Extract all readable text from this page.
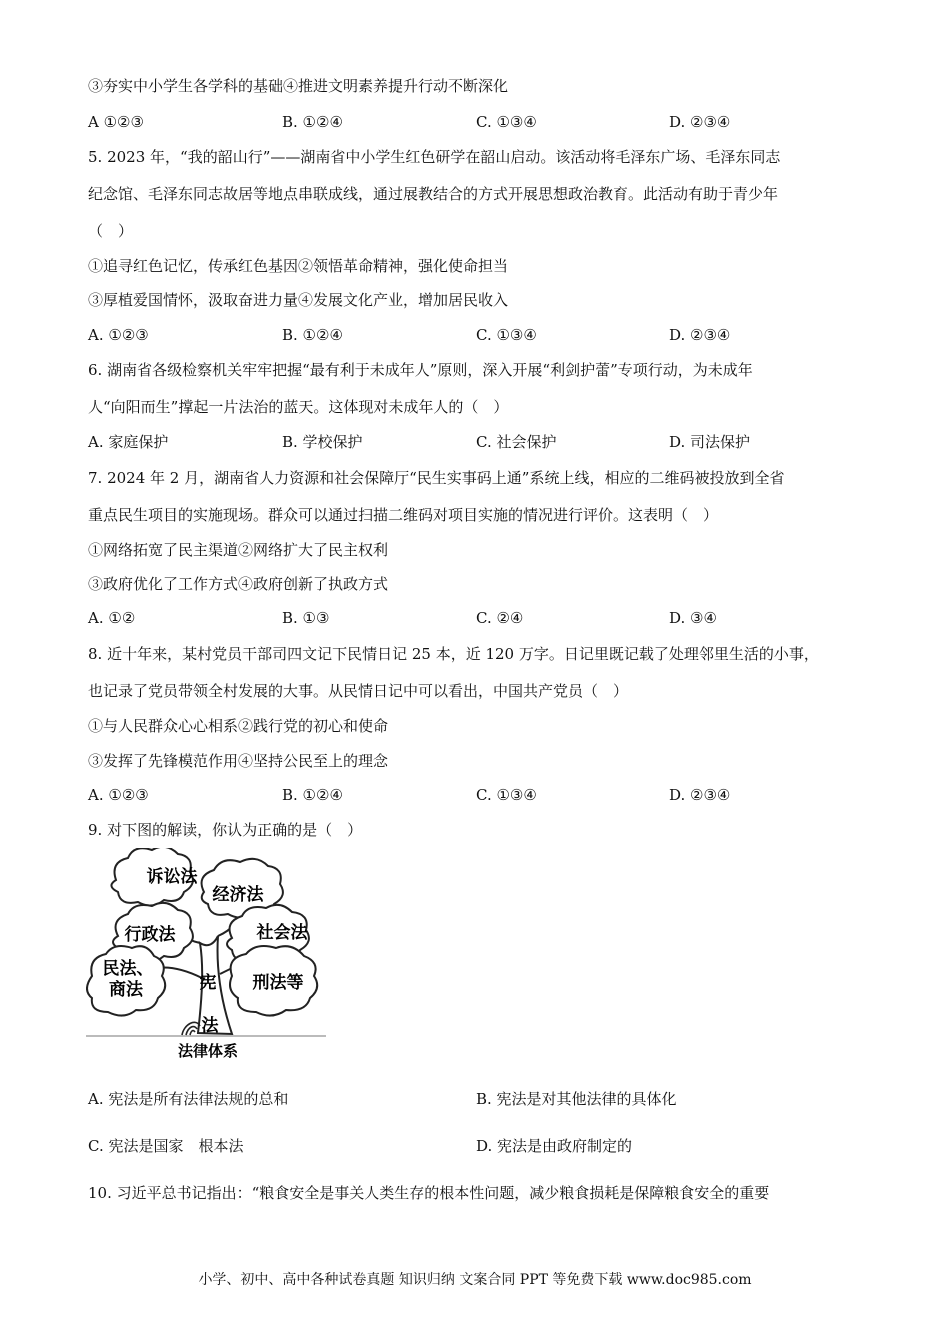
③夯实中小学生各学科的基础④推进文明素养提升行动不断深化
A ①②③	B. ①②④	C. ①③④	D. ②③④
5. 2023 年，“我的韶山行”——湖南省中小学生红色研学在韶山启动。该活动将毛泽东广场、毛泽东同志
纪念馆、毛泽东同志故居等地点串联成线，通过展教结合的方式开展思想政治教育。此活动有助于青少年
（　）
①追寻红色记忆，传承红色基因②领悟革命精神，强化使命担当
③厚植爱国情怀，汲取奋进力量④发展文化产业，增加居民收入
A. ①②③	B. ①②④	C. ①③④	D. ②③④
6. 湖南省各级检察机关牢牢把握“最有利于未成年人”原则，深入开展“利剑护蕾”专项行动，为未成年
人“向阳而生”撑起一片法治的蓝天。这体现对未成年人的（　）
A. 家庭保护	B. 学校保护	C. 社会保护	D. 司法保护
7. 2024 年 2 月，湖南省人力资源和社会保障厅“民生实事码上通”系统上线，相应的二维码被投放到全省
重点民生项目的实施现场。群众可以通过扫描二维码对项目实施的情况进行评价。这表明（　）
①网络拓宽了民主渠道②网络扩大了民主权利
③政府优化了工作方式④政府创新了执政方式
A. ①②	B. ①③	C. ②④	D. ③④
8. 近十年来，某村党员干部司四文记下民情日记 25 本，近 120 万字。日记里既记载了处理邻里生活的小事，
也记录了党员带领全村发展的大事。从民情日记中可以看出，中国共产党员（　）
①与人民群众心心相系②践行党的初心和使命
③发挥了先锋模范作用④坚持公民至上的理念
A. ①②③	B. ①②④	C. ①③④	D. ②③④
9. 对下图的解读，你认为正确的是（　）
诉讼法
经济法
行政法	社会法
民法、
商法	刑法等
宪
法
法律体系
A. 宪法是所有法律法规的总和	B. 宪法是对其他法律的具体化
C. 宪法是国家　根本法	D. 宪法是由政府制定的
10. 习近平总书记指出：“粮食安全是事关人类生存的根本性问题，减少粮食损耗是保障粮食安全的重要
小学、初中、高中各种试卷真题 知识归纳 文案合同 PPT 等免费下载 www.doc985.com
